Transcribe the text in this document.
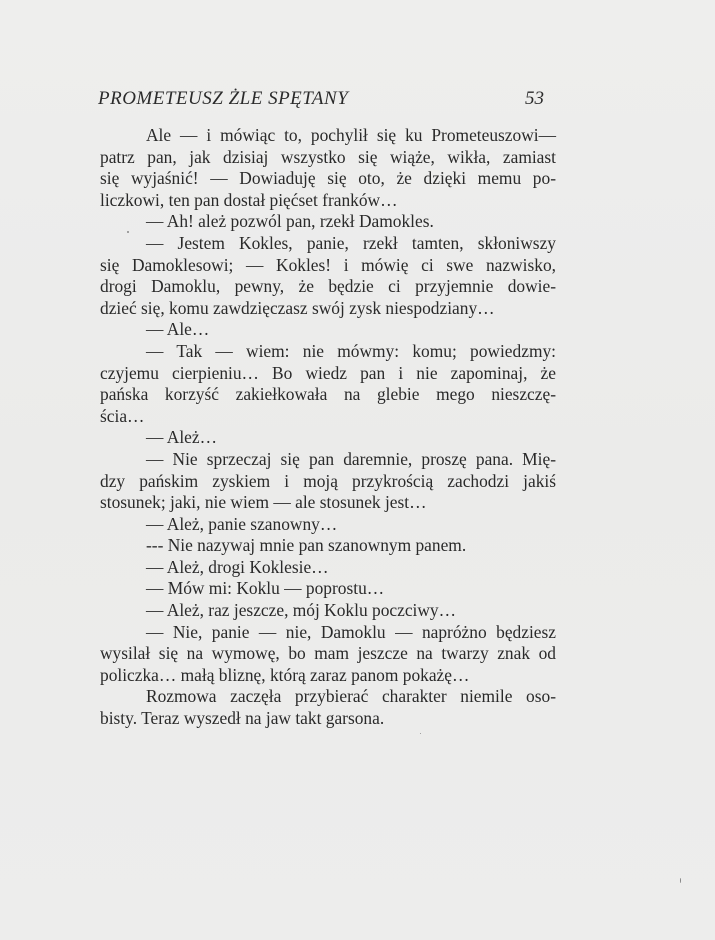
PROMETEUSZ ŻLE SPĘTANY	53
Ale — i mówiąc to, pochylił się ku Prometeuszowi—
patrz pan, jak dzisiaj wszystko się wiąże, wikła, zamiast
się wyjaśnić! — Dowiaduję się oto, że dzięki memu po-
liczkowi, ten pan dostał pięćset franków…
— Ah! ależ pozwól pan, rzekł Damokles.
— Jestem Kokles, panie, rzekł tamten, skłoniwszy
się Damoklesowi; — Kokles! i mówię ci swe nazwisko,
drogi Damoklu, pewny, że będzie ci przyjemnie dowie-
dzieć się, komu zawdzięczasz swój zysk niespodziany…
— Ale…
— Tak — wiem: nie mówmy: komu; powiedzmy:
czyjemu cierpieniu… Bo wiedz pan i nie zapominaj, że
pańska korzyść zakiełkowała na glebie mego nieszczę-
ścia…
— Ależ…
— Nie sprzeczaj się pan daremnie, proszę pana. Mię-
dzy pańskim zyskiem i moją przykrością zachodzi jakiś
stosunek; jaki, nie wiem — ale stosunek jest…
— Ależ, panie szanowny…
--- Nie nazywaj mnie pan szanownym panem.
— Ależ, drogi Koklesie…
— Mów mi: Koklu — poprostu…
— Ależ, raz jeszcze, mój Koklu poczciwy…
— Nie, panie — nie, Damoklu — napróżno będziesz
wysilał się na wymowę, bo mam jeszcze na twarzy znak od
policzka… małą bliznę, którą zaraz panom pokażę…
Rozmowa zaczęła przybierać charakter niemile oso-
bisty. Teraz wyszedł na jaw takt garsona.
